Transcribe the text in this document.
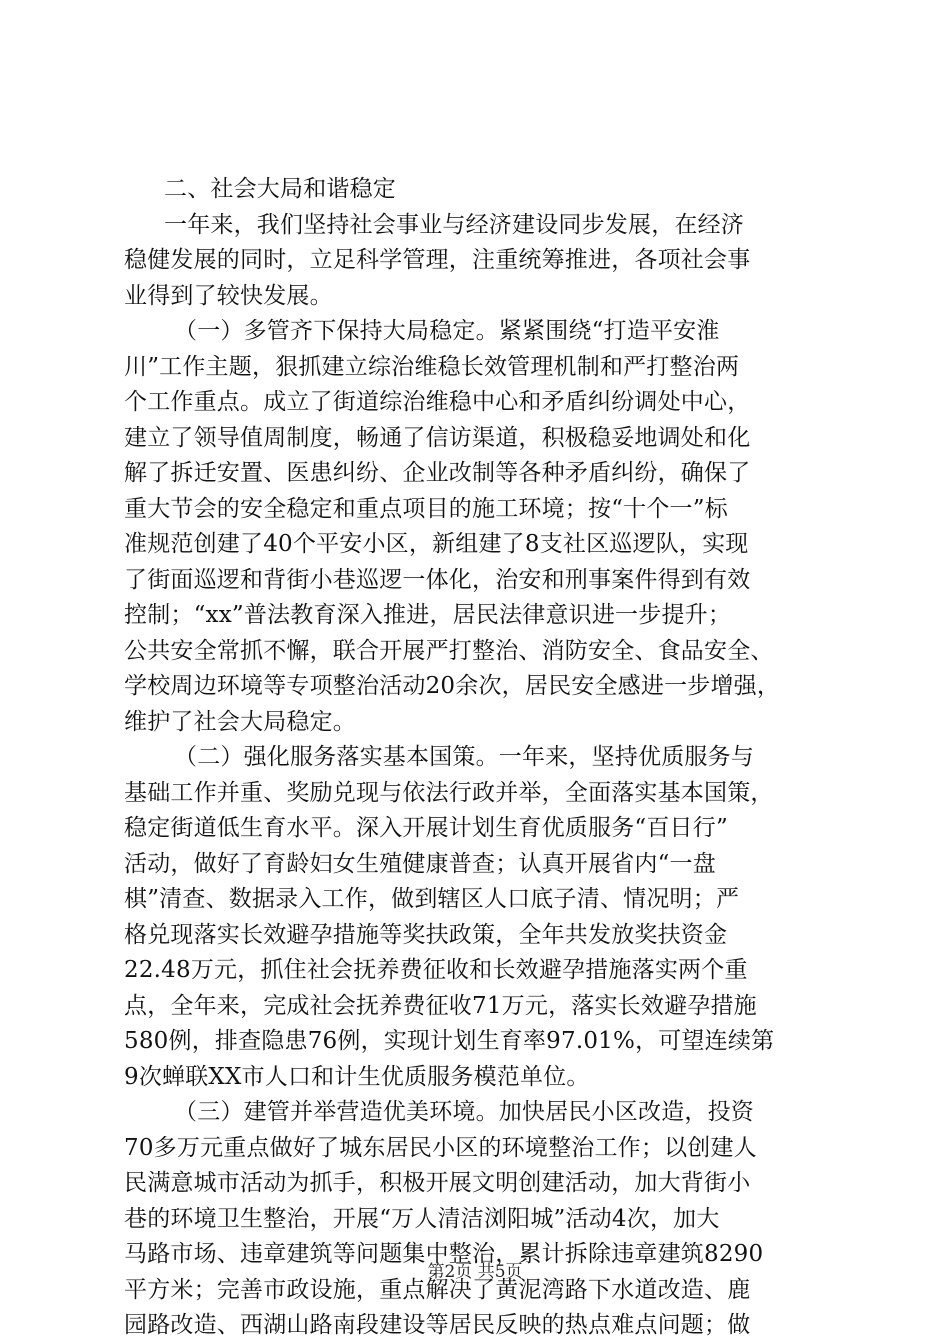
二、社会大局和谐稳定
一年来，我们坚持社会事业与经济建设同步发展，在经济
稳健发展的同时，立足科学管理，注重统筹推进，各项社会事
业得到了较快发展。
（一）多管齐下保持大局稳定。紧紧围绕“打造平安淮
川”工作主题，狠抓建立综治维稳长效管理机制和严打整治两
个工作重点。成立了街道综治维稳中心和矛盾纠纷调处中心，
建立了领导值周制度，畅通了信访渠道，积极稳妥地调处和化
解了拆迁安置、医患纠纷、企业改制等各种矛盾纠纷，确保了
重大节会的安全稳定和重点项目的施工环境；按“十个一”标
准规范创建了40个平安小区，新组建了8支社区巡逻队，实现
了街面巡逻和背街小巷巡逻一体化，治安和刑事案件得到有效
控制；“xx”普法教育深入推进，居民法律意识进一步提升；
公共安全常抓不懈，联合开展严打整治、消防安全、食品安全、
学校周边环境等专项整治活动20余次，居民安全感进一步增强，
维护了社会大局稳定。
（二）强化服务落实基本国策。一年来，坚持优质服务与
基础工作并重、奖励兑现与依法行政并举，全面落实基本国策，
稳定街道低生育水平。深入开展计划生育优质服务“百日行”
活动，做好了育龄妇女生殖健康普查；认真开展省内“一盘
棋”清查、数据录入工作，做到辖区人口底子清、情况明；严
格兑现落实长效避孕措施等奖扶政策，全年共发放奖扶资金
22.48万元，抓住社会抚养费征收和长效避孕措施落实两个重
点，全年来，完成社会抚养费征收71万元，落实长效避孕措施
580例，排查隐患76例，实现计划生育率97.01%，可望连续第
9次蝉联XX市人口和计生优质服务模范单位。
（三）建管并举营造优美环境。加快居民小区改造，投资
70多万元重点做好了城东居民小区的环境整治工作；以创建人
民满意城市活动为抓手，积极开展文明创建活动，加大背街小
巷的环境卫生整治，开展“万人清洁浏阳城”活动4次，加大
马路市场、违章建筑等问题集中整治，累计拆除违章建筑8290
平方米；完善市政设施，重点解决了黄泥湾路下水道改造、鹿
园路改造、西湖山路南段建设等居民反映的热点难点问题；做
第2页 共5页
